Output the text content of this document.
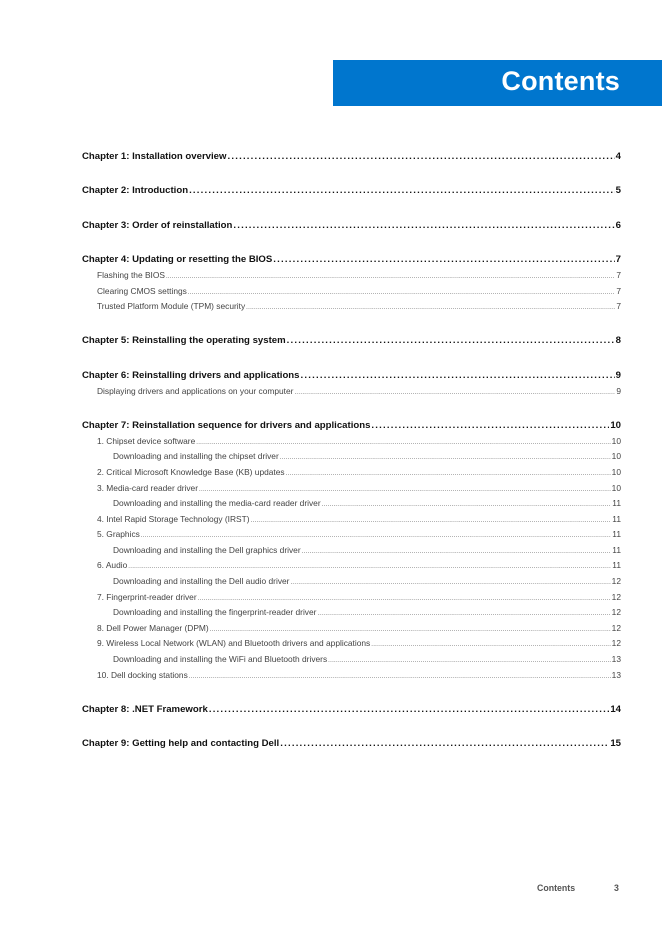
Contents
Chapter 1: Installation overview .....	4
Chapter 2: Introduction .....	5
Chapter 3: Order of reinstallation .....	6
Chapter 4: Updating or resetting the BIOS .....	7
Flashing the BIOS .....	7
Clearing CMOS settings .....	7
Trusted Platform Module (TPM) security .....	7
Chapter 5: Reinstalling the operating system .....	8
Chapter 6: Reinstalling drivers and applications .....	9
Displaying drivers and applications on your computer .....	9
Chapter 7: Reinstallation sequence for drivers and applications .....	10
1. Chipset device software .....	10
Downloading and installing the chipset driver .....	10
2. Critical Microsoft Knowledge Base (KB) updates .....	10
3. Media-card reader driver .....	10
Downloading and installing the media-card reader driver .....	11
4. Intel Rapid Storage Technology (IRST) .....	11
5. Graphics .....	11
Downloading and installing the Dell graphics driver .....	11
6. Audio .....	11
Downloading and installing the Dell audio driver .....	12
7. Fingerprint-reader driver .....	12
Downloading and installing the fingerprint-reader driver .....	12
8. Dell Power Manager (DPM) .....	12
9. Wireless Local Network (WLAN) and Bluetooth drivers and applications .....	12
Downloading and installing the WiFi and Bluetooth drivers .....	13
10. Dell docking stations .....	13
Chapter 8: .NET Framework .....	14
Chapter 9: Getting help and contacting Dell .....	15
Contents	3
